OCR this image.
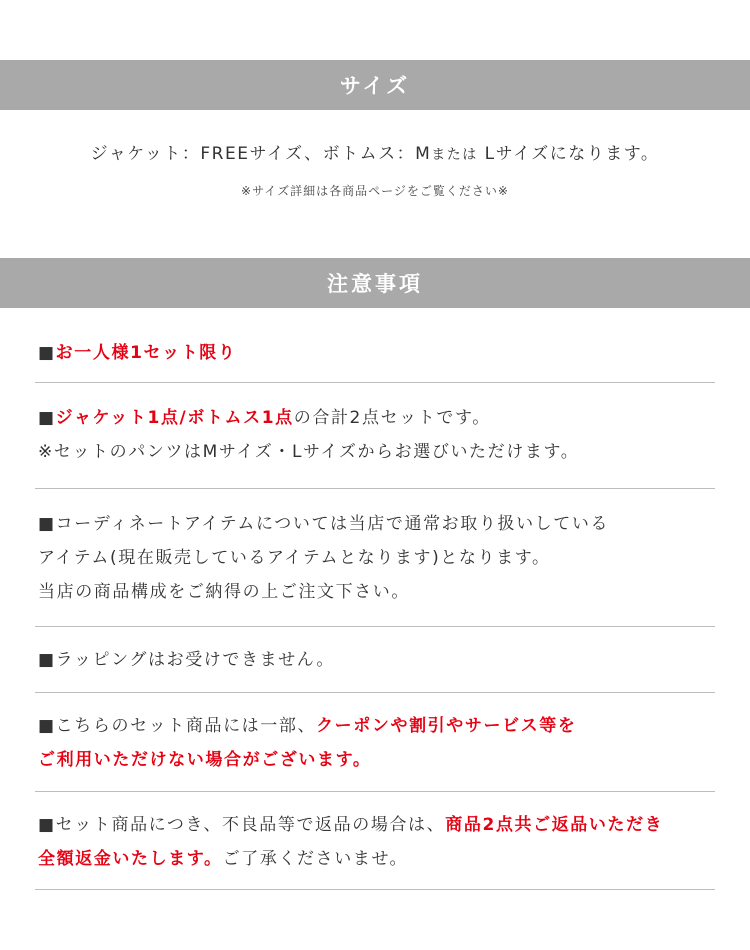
サイズ
ジャケット：FREEサイズ、ボトムス：Mまたは Lサイズになります。
※サイズ詳細は各商品ページをご覧ください※
注意事項
■お一人様1セット限り
■ジャケット1点/ボトムス1点の合計2点セットです。
※セットのパンツはMサイズ・Lサイズからお選びいただけます。
■コーディネートアイテムについては当店で通常お取り扱いしている
アイテム(現在販売しているアイテムとなります)となります。
当店の商品構成をご納得の上ご注文下さい。
■ラッピングはお受けできません。
■こちらのセット商品には一部、クーポンや割引やサービス等を
ご利用いただけない場合がございます。
■セット商品につき、不良品等で返品の場合は、商品2点共ご返品いただき
全額返金いたします。ご了承くださいませ。
